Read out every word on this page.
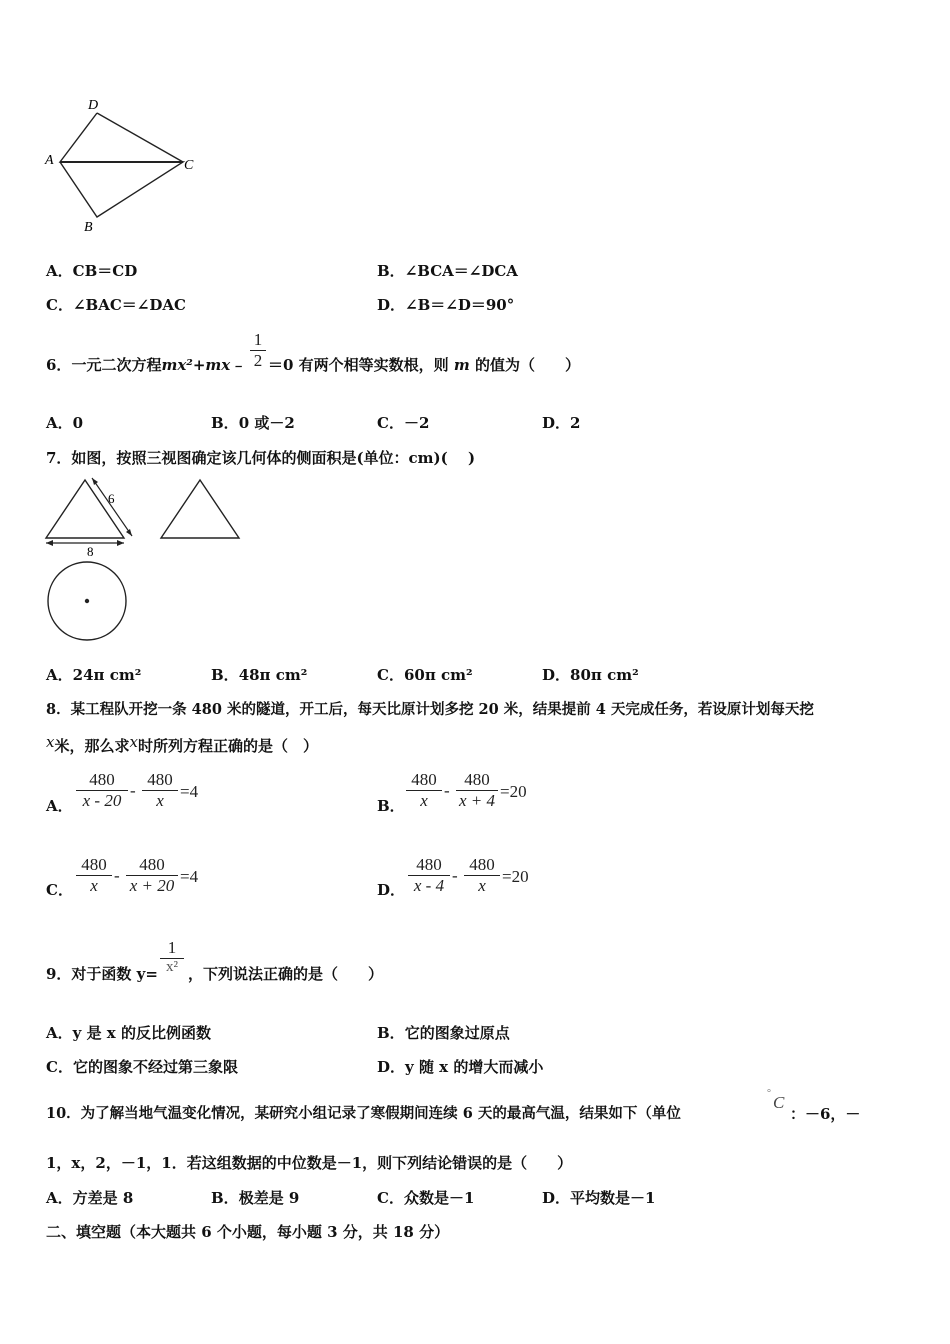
D
A	C
B
A．CB＝CD	B．∠BCA＝∠DCA
C．∠BAC＝∠DAC	D．∠B＝∠D＝90°
6．一元二次方程mx²+mx﹣ $\frac{1}{2} =0$ 有两个相等实数根，则 m 的值为（　　）
A．0	B．0 或－2	C．－2	D．2
7．如图，按照三视图确定该几何体的侧面积是(单位：cm)(　 )
6
8
A．24π cm²	B．48π cm²	C．60π cm²	D．80π cm²
8．某工程队开挖一条 480 米的隧道，开工后，每天比原计划多挖 20 米，结果提前 4 天完成任务，若设原计划每天挖
x米，那么求x时所列方程正确的是（　）
A． $\frac{480}{x - 20} - \frac{480}{x} =4$
B． $\frac{480}{x} - \frac{480}{x + 4} =20$
C． $\frac{480}{x} - \frac{480}{x + 20} =4$
D． $\frac{480}{x - 4} - \frac{480}{x} =20$
9．对于函数 $y= \frac{1}{\text{x²}}$ ，下列说法正确的是（　　）
A．y 是 x 的反比例函数	B．它的图象过原点
C．它的图象不经过第三象限	D．y 随 x 的增大而减小
10．为了解当地气温变化情况，某研究小组记录了寒假期间连续 6 天的最高气温，结果如下（单位
° C
：－6，－
1，x，2，－1，1．若这组数据的中位数是－1，则下列结论错误的是（　　）
A．方差是 8	B．极差是 9	C．众数是－1	D．平均数是－1
二、填空题（本大题共 6 个小题，每小题 3 分，共 18 分）
